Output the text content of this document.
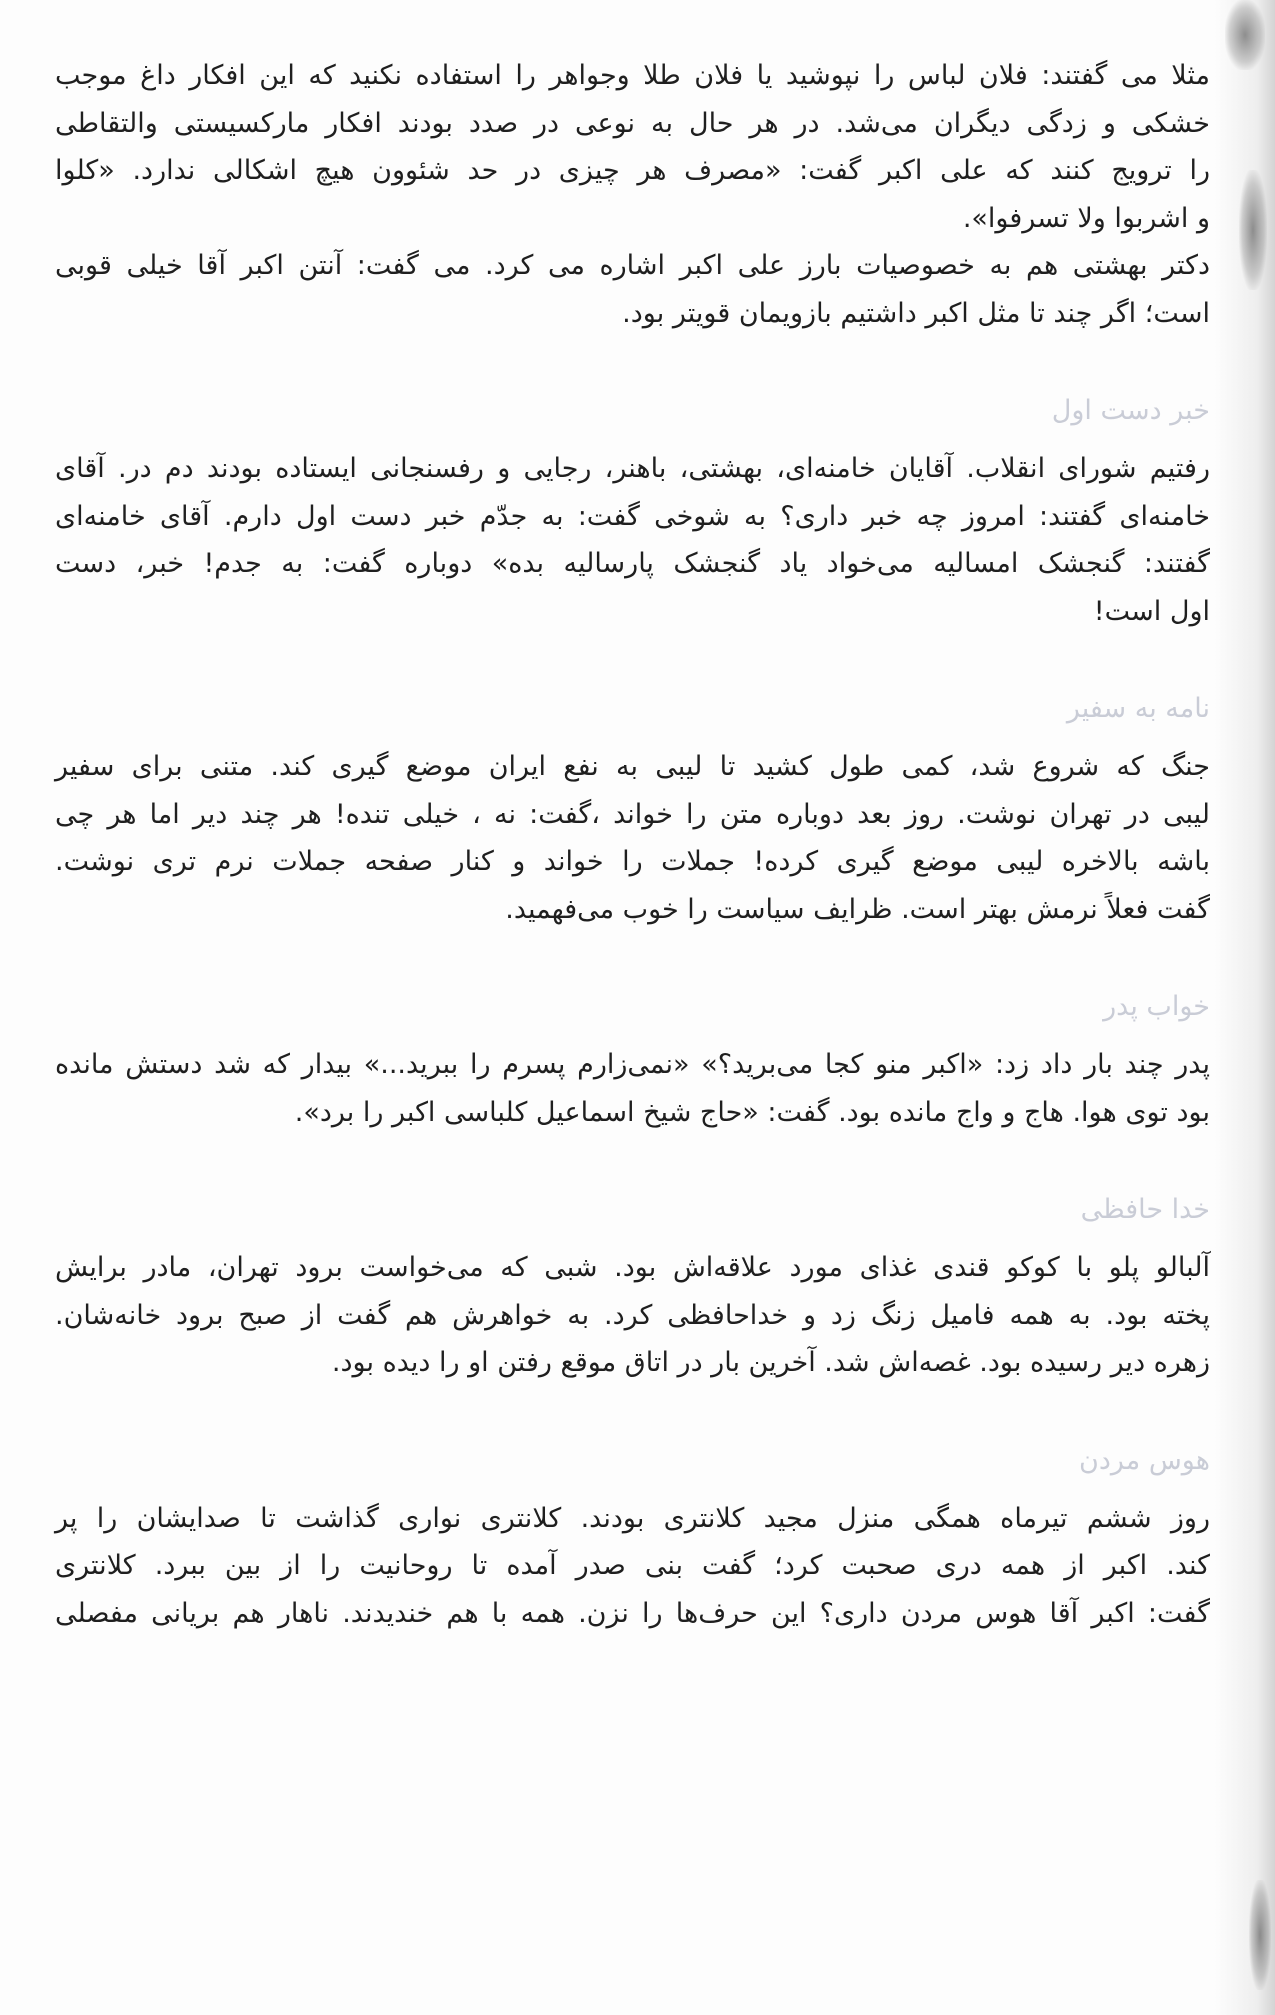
مثلا می گفتند: فلان لباس را نپوشید یا فلان طلا وجواهر را استفاده نکنید که این افکار داغ موجب
خشکی و زدگی دیگران می‌شد. در هر حال به نوعی در صدد بودند افکار مارکسیستی والتقاطی
را ترویج کنند که علی اکبر گفت: «مصرف هر چیزی در حد شئوون هیچ اشکالی ندارد. «کلوا
و اشربوا ولا تسرفوا».
دکتر بهشتی هم به خصوصیات بارز علی اکبر اشاره می کرد. می گفت: آنتن اکبر آقا خیلی قوبی
است؛ اگر چند تا مثل اکبر داشتیم بازویمان قویتر بود.
خبر دست اول
رفتیم شورای انقلاب. آقایان خامنه‌ای، بهشتی، باهنر، رجایی و رفسنجانی ایستاده بودند دم در. آقای
خامنه‌ای گفتند: امروز چه خبر داری؟ به شوخی گفت: به جدّم خبر دست اول دارم. آقای خامنه‌ای
گفتند: گنجشک امسالیه می‌خواد یاد گنجشک پارسالیه بده» دوباره گفت: به جدم! خبر، دست
اول است!
نامه به سفیر
جنگ که شروع شد، کمی طول کشید تا لیبی به نفع ایران موضع گیری کند. متنی برای سفیر
لیبی در تهران نوشت. روز بعد دوباره متن را خواند ،گفت: نه ، خیلی تنده! هر چند دیر اما هر چی
باشه بالاخره لیبی موضع گیری کرده! جملات را خواند و کنار صفحه جملات نرم تری نوشت.
گفت فعلاً نرمش بهتر است. ظرایف سیاست را خوب می‌فهمید.
خواب پدر
پدر چند بار داد زد: «اکبر منو کجا می‌برید؟» «نمی‌زارم پسرم را ببرید...» بیدار که شد دستش مانده
بود توی هوا. هاج و واج مانده بود. گفت: «حاج شیخ اسماعیل کلباسی اکبر را برد».
خدا حافظی
آلبالو پلو با کوکو قندی غذای مورد علاقه‌اش بود. شبی که می‌خواست برود تهران، مادر برایش
پخته بود. به همه فامیل زنگ زد و خداحافظی کرد. به خواهرش هم گفت از صبح برود خانه‌شان.
زهره دیر رسیده بود. غصه‌اش شد. آخرین بار در اتاق موقع رفتن او را دیده بود.
هوس مردن
روز ششم تیرماه همگی منزل مجید کلانتری بودند. کلانتری نواری گذاشت تا صدایشان را پر
کند. اکبر از همه دری صحبت کرد؛ گفت بنی صدر آمده تا روحانیت را از بین ببرد. کلانتری
گفت: اکبر آقا هوس مردن داری؟ این حرف‌ها را نزن. همه با هم خندیدند. ناهار هم بریانی مفصلی
